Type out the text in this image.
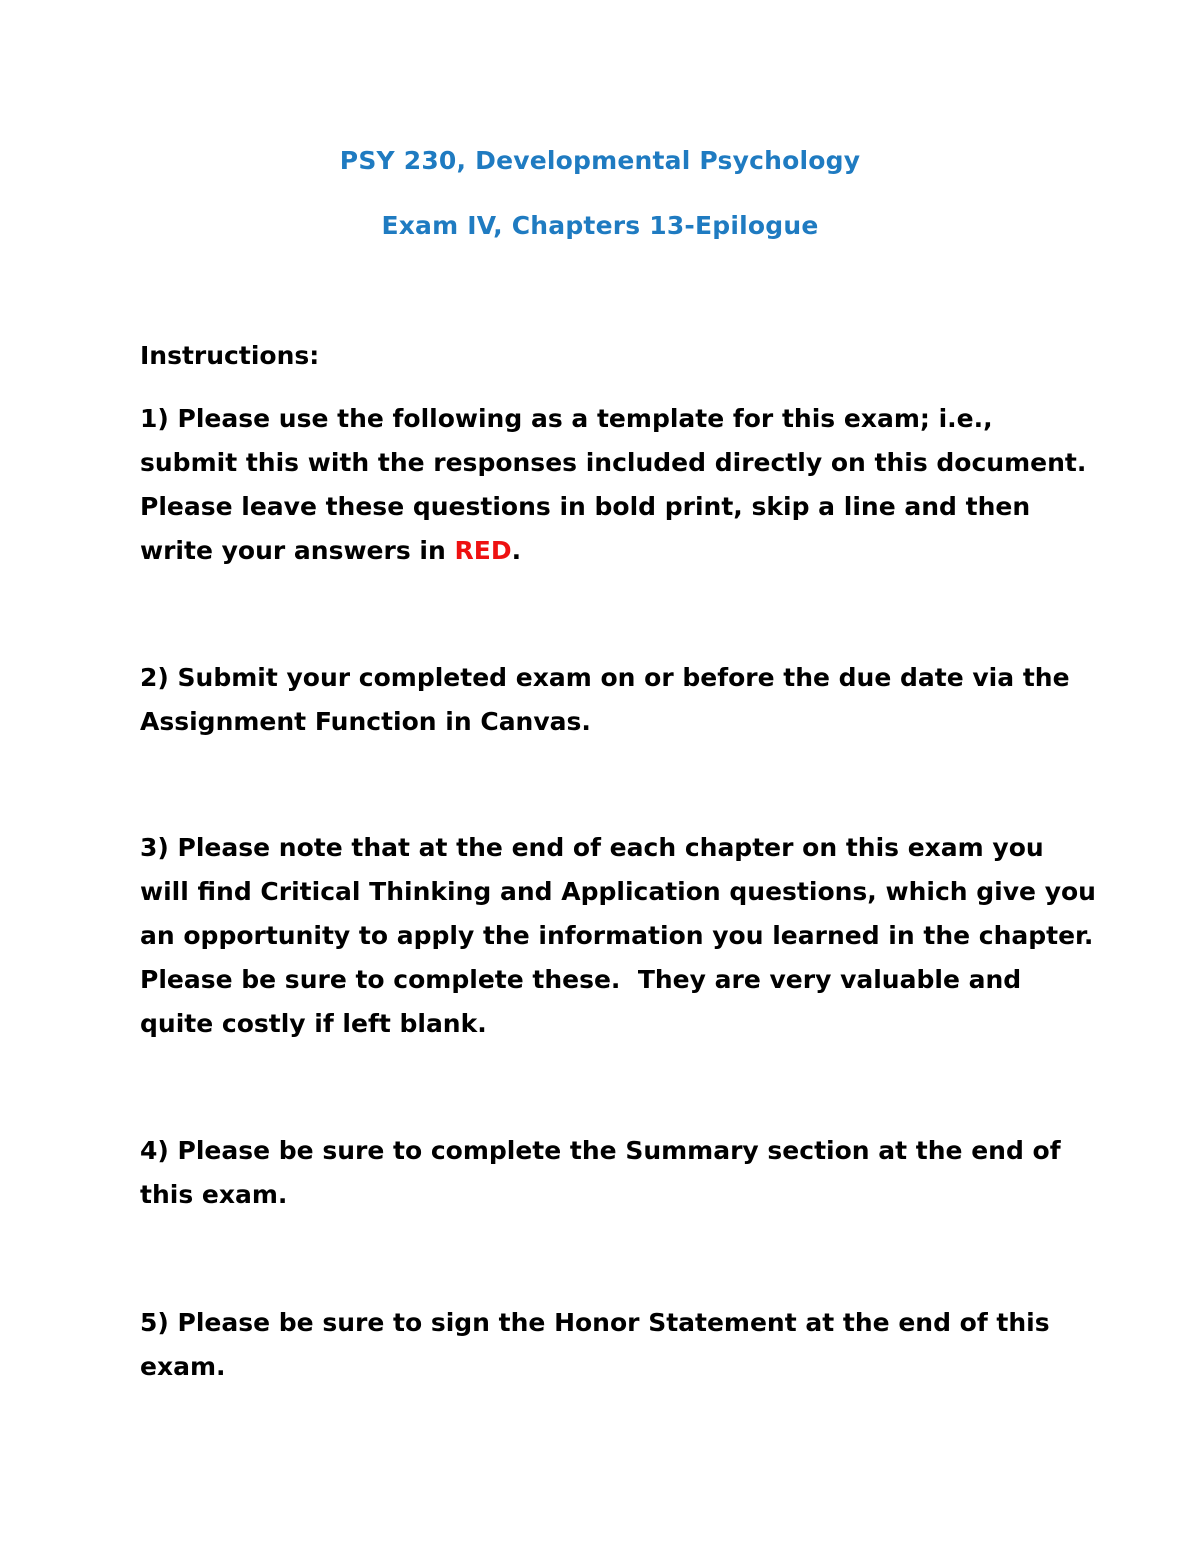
PSY 230, Developmental Psychology
Exam IV, Chapters 13-Epilogue
Instructions:
1) Please use the following as a template for this exam; i.e.,
submit this with the responses included directly on this document.
Please leave these questions in bold print, skip a line and then
write your answers in RED.
2) Submit your completed exam on or before the due date via the
Assignment Function in Canvas.
3) Please note that at the end of each chapter on this exam you
will find Critical Thinking and Application questions, which give you
an opportunity to apply the information you learned in the chapter.
Please be sure to complete these.  They are very valuable and
quite costly if left blank.
4) Please be sure to complete the Summary section at the end of
this exam.
5) Please be sure to sign the Honor Statement at the end of this
exam.
